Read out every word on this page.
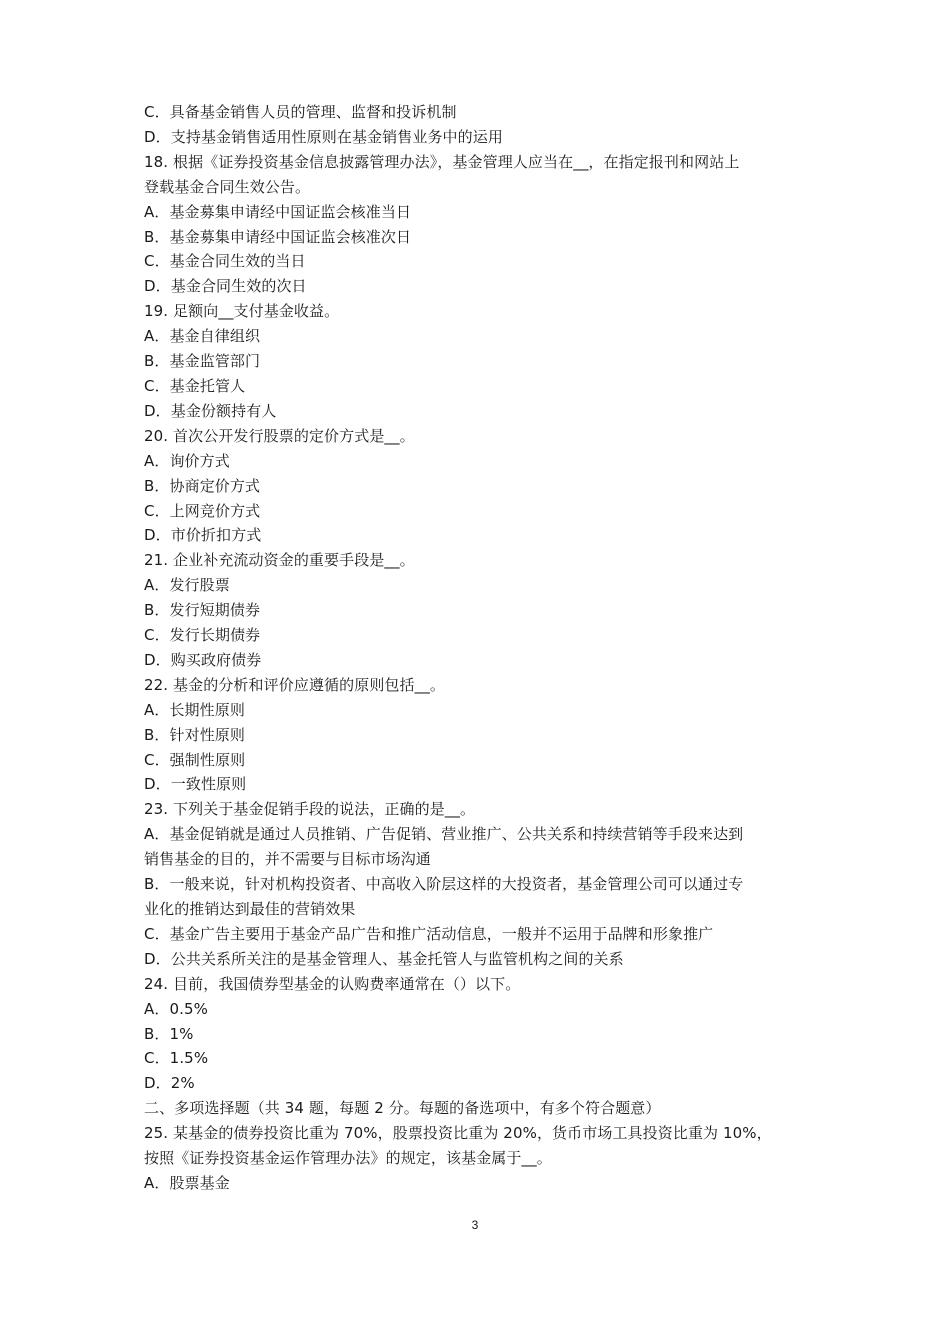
C．具备基金销售人员的管理、监督和投诉机制
D．支持基金销售适用性原则在基金销售业务中的运用
18. 根据《证券投资基金信息披露管理办法》，基金管理人应当在__，在指定报刊和网站上
登载基金合同生效公告。
A．基金募集申请经中国证监会核准当日
B．基金募集申请经中国证监会核准次日
C．基金合同生效的当日
D．基金合同生效的次日
19. 足额向__支付基金收益。
A．基金自律组织
B．基金监管部门
C．基金托管人
D．基金份额持有人
20. 首次公开发行股票的定价方式是__。
A．询价方式
B．协商定价方式
C．上网竞价方式
D．市价折扣方式
21. 企业补充流动资金的重要手段是__。
A．发行股票
B．发行短期债券
C．发行长期债券
D．购买政府债券
22. 基金的分析和评价应遵循的原则包括__。
A．长期性原则
B．针对性原则
C．强制性原则
D．一致性原则
23. 下列关于基金促销手段的说法，正确的是__。
A．基金促销就是通过人员推销、广告促销、营业推广、公共关系和持续营销等手段来达到
销售基金的目的，并不需要与目标市场沟通
B．一般来说，针对机构投资者、中高收入阶层这样的大投资者，基金管理公司可以通过专
业化的推销达到最佳的营销效果
C．基金广告主要用于基金产品广告和推广活动信息，一般并不运用于品牌和形象推广
D．公共关系所关注的是基金管理人、基金托管人与监管机构之间的关系
24. 目前，我国债券型基金的认购费率通常在（）以下。
A．0.5%
B．1%
C．1.5%
D．2%
二、多项选择题（共 34 题，每题 2 分。每题的备选项中，有多个符合题意）
25. 某基金的债券投资比重为 70%，股票投资比重为 20%，货币市场工具投资比重为 10%，
按照《证券投资基金运作管理办法》的规定，该基金属于__。
A．股票基金
3
